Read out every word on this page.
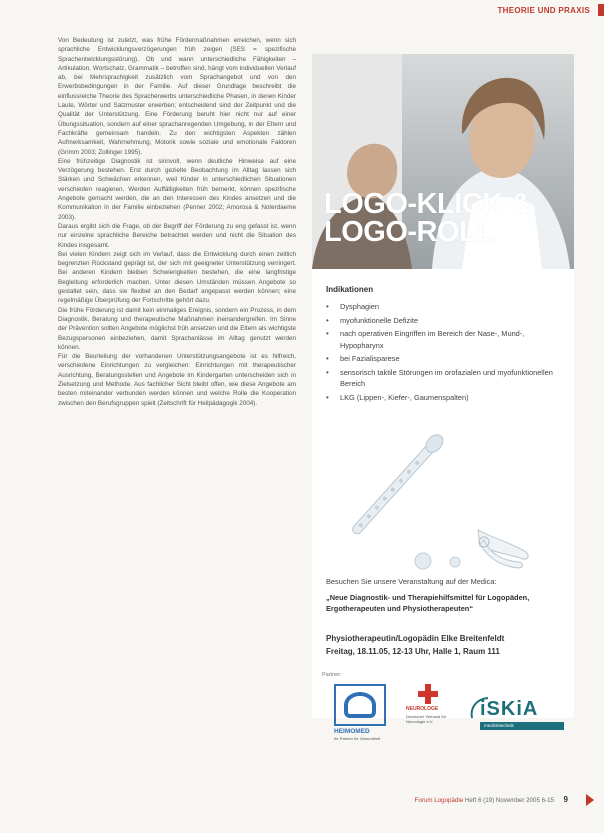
THEORIE UND PRAXIS

Von Bedeutung ist zuletzt, was frühe Fördermaßnahmen erreichen, wenn sich sprachliche Entwicklungsverzögerungen früh zeigen (SES = spezifische Sprachentwicklungsstörung). Ob und wann unterschiedliche Fähigkeiten – Artikulation, Wortschatz, Grammatik – betroffen sind, hängt vom individuellen Verlauf ab, bei Mehrsprachigkeit zusätzlich vom Sprachangebot und von den Erwerbsbedingungen in der Familie. Auf dieser Grundlage beschreibt die einflussreiche Theorie des Spracherwerbs unterschiedliche Phasen, in denen Kinder Laute, Wörter und Satzmuster erwerben; entscheidend sind der Zeitpunkt und die Qualität der Unterstützung. Eine Förderung beruht hier nicht nur auf einer Übungssituation, sondern auf einer sprachanregenden Umgebung, in der Eltern und Fachkräfte gemeinsam handeln. Zu den wichtigsten Aspekten zählen Aufmerksamkeit, Wahrnehmung, Motorik sowie soziale und emotionale Faktoren (Grimm 2003; Zollinger 1995).

Eine frühzeitige Diagnostik ist sinnvoll, wenn deutliche Hinweise auf eine Verzögerung bestehen. Erst durch gezielte Beobachtung im Alltag lassen sich Stärken und Schwächen erkennen, weil Kinder in unterschiedlichen Situationen verschieden reagieren. Werden Auffälligkeiten früh bemerkt, können spezifische Angebote gemacht werden, die an den Interessen des Kindes ansetzen und die Kommunikation in der Familie einbeziehen (Penner 2002; Amorosa & Noterdaeme 2003).

Daraus ergibt sich die Frage, ob der Begriff der Förderung zu eng gefasst ist, wenn nur einzelne sprachliche Bereiche betrachtet werden und nicht die Situation des Kindes insgesamt.

Bei vielen Kindern zeigt sich im Verlauf, dass die Entwicklung durch einen zeitlich begrenzten Rückstand geprägt ist, der sich mit geeigneter Unterstützung verringert. Bei anderen Kindern bleiben Schwierigkeiten bestehen, die eine langfristige Begleitung erforderlich machen. Unter diesen Umständen müssen Angebote so gestaltet sein, dass sie flexibel an den Bedarf angepasst werden können; eine regelmäßige Überprüfung der Fortschritte gehört dazu.

Die frühe Förderung ist damit kein einmaliges Ereignis, sondern ein Prozess, in dem Diagnostik, Beratung und therapeutische Maßnahmen ineinandergreifen. Im Sinne der Prävention sollten Angebote möglichst früh ansetzen und die Eltern als wichtigste Bezugspersonen einbeziehen, damit Sprachanlässe im Alltag genutzt werden können.

Für die Beurteilung der vorhandenen Unterstützungsangebote ist es hilfreich, verschiedene Einrichtungen zu vergleichen: Einrichtungen mit therapeutischer Ausrichtung, Beratungsstellen und Angebote im Kindergarten unterscheiden sich in Zielsetzung und Methode. Aus fachlicher Sicht bleibt offen, wie diese Angebote am besten miteinander verbunden werden können und welche Rolle die Kooperation zwischen den Berufsgruppen spielt (Zeitschrift für Heilpädagogik 2004).

LOGO-KLICK &
LOGO-ROLL
Indikationen
• Dysphagien
• myofunktionelle Defizite
• nach operativen Eingriffen im Bereich der Nase-, Mund-, Hypopharynx
• bei Fazialisparese
• sensorisch taktile Störungen im orofazialen und myofunktionellen Bereich
• LKG (Lippen-, Kiefer-, Gaumenspalten)
Besuchen Sie unsere Veranstaltung auf der Medica:
„Neue Diagnostik- und Therapiehilfsmittel für Logopäden, Ergotherapeuten und Physiotherapeuten“
Physiotherapeutin/Logopädin Elke Breitenfeldt
Freitag, 18.11.05, 12-13 Uhr, Halle 1, Raum 111
Partner:
HEIMOMED
Ihr Partner für Gesundheit
NEUROLOGE
Deutscher Verband für Neurologie e.V.
iSKiA
medizintechnik
Forum Logopädie Heft 6 (19) November 2005 6-15 9
